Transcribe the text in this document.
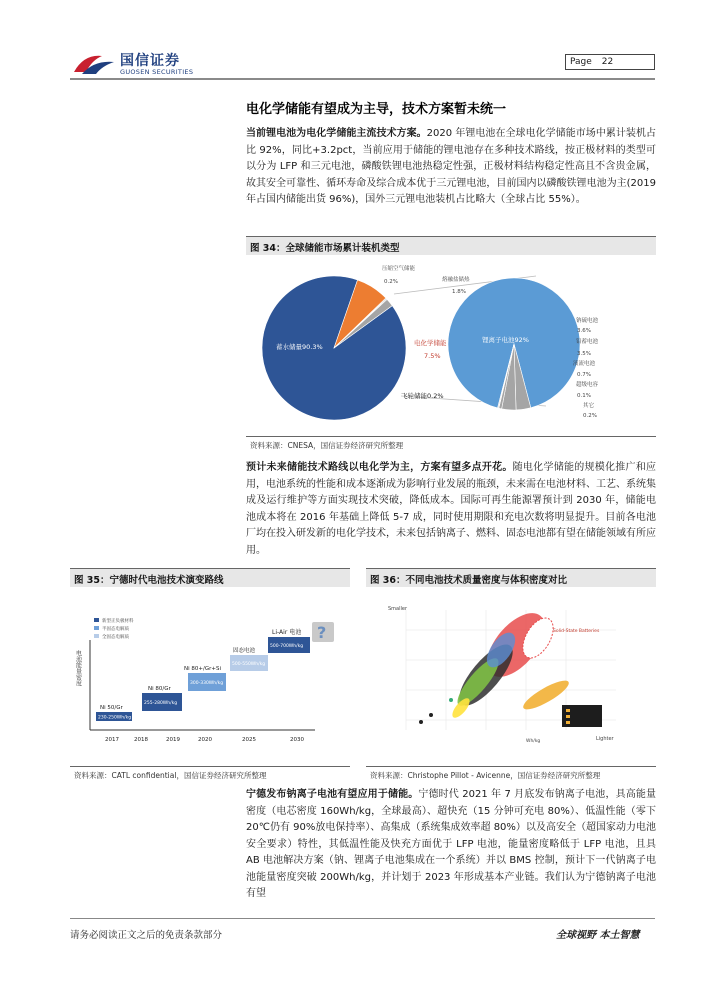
国信证券
GUOSEN SECURITIES
Page 22
电化学储能有望成为主导，技术方案暂未统一
当前锂电池为电化学储能主流技术方案。2020 年锂电池在全球电化学储能市场中累计装机占比 92%，同比+3.2pct，当前应用于储能的锂电池存在多种技术路线，按正极材料的类型可以分为 LFP 和三元电池，磷酸铁锂电池热稳定性强，正极材料结构稳定性高且不含贵金属，故其安全可靠性、循环寿命及综合成本优于三元锂电池，目前国内以磷酸铁锂电池为主(2019 年占国内储能出货 96%)，国外三元锂电池装机占比略大（全球占比 55%）。
图 34：全球储能市场累计装机类型
蓄水储量90.3%	电化学储能
7.5%
飞轮储能0.2%
压缩空气储能
0.2%	熔融盐储热
1.8%
锂离子电池92%
钠硫电池
3.6%
铅蓄电池
3.5%
液流电池
0.7%
超级电容
0.1%
其它
0.2%
资料来源：CNESA，国信证券经济研究所整理
预计未来储能技术路线以电化学为主，方案有望多点开花。随电化学储能的规模化推广和应用，电池系统的性能和成本逐渐成为影响行业发展的瓶颈，未来需在电池材料、工艺、系统集成及运行维护等方面实现技术突破，降低成本。国际可再生能源署预计到 2030 年，储能电池成本将在 2016 年基础上降低 5-7 成，同时使用期限和充电次数将明显提升。目前各电池厂均在投入研发新的电化学技术，未来包括钠离子、燃料、固态电池都有望在储能领域有所应用。
图 35：宁德时代电池技术演变路线
新型正负极材料
半固态电解质
全固态电解质
电池能量密度
Ni 50/Gr
230-250Wh/kg
Ni 80/Gr
255-280Wh/kg
Ni 80+/Gr+Si
300-330Wh/kg
固态电池
500-550Wh/kg
Li-Air 电池
500-700Wh/kg
?
2017	2018	2019	2020	2025	2030
资料来源：CATL confidential，国信证券经济研究所整理
图 36：不同电池技术质量密度与体积密度对比
Smaller
Lighter
Wh/kg
Solid-State Batteries
资料来源：Christophe Pillot - Avicenne，国信证券经济研究所整理
宁德发布钠离子电池有望应用于储能。宁德时代 2021 年 7 月底发布钠离子电池，具高能量密度（电芯密度 160Wh/kg，全球最高）、超快充（15 分钟可充电 80%）、低温性能（零下 20℃仍有 90%放电保持率）、高集成（系统集成效率超 80%）以及高安全（超国家动力电池安全要求）特性，其低温性能及快充方面优于 LFP 电池，能量密度略低于 LFP 电池，且具 AB 电池解决方案（钠、锂离子电池集成在一个系统）并以 BMS 控制，预计下一代钠离子电池能量密度突破 200Wh/kg，并计划于 2023 年形成基本产业链。我们认为宁德钠离子电池有望
请务必阅读正文之后的免责条款部分	全球视野 本土智慧
